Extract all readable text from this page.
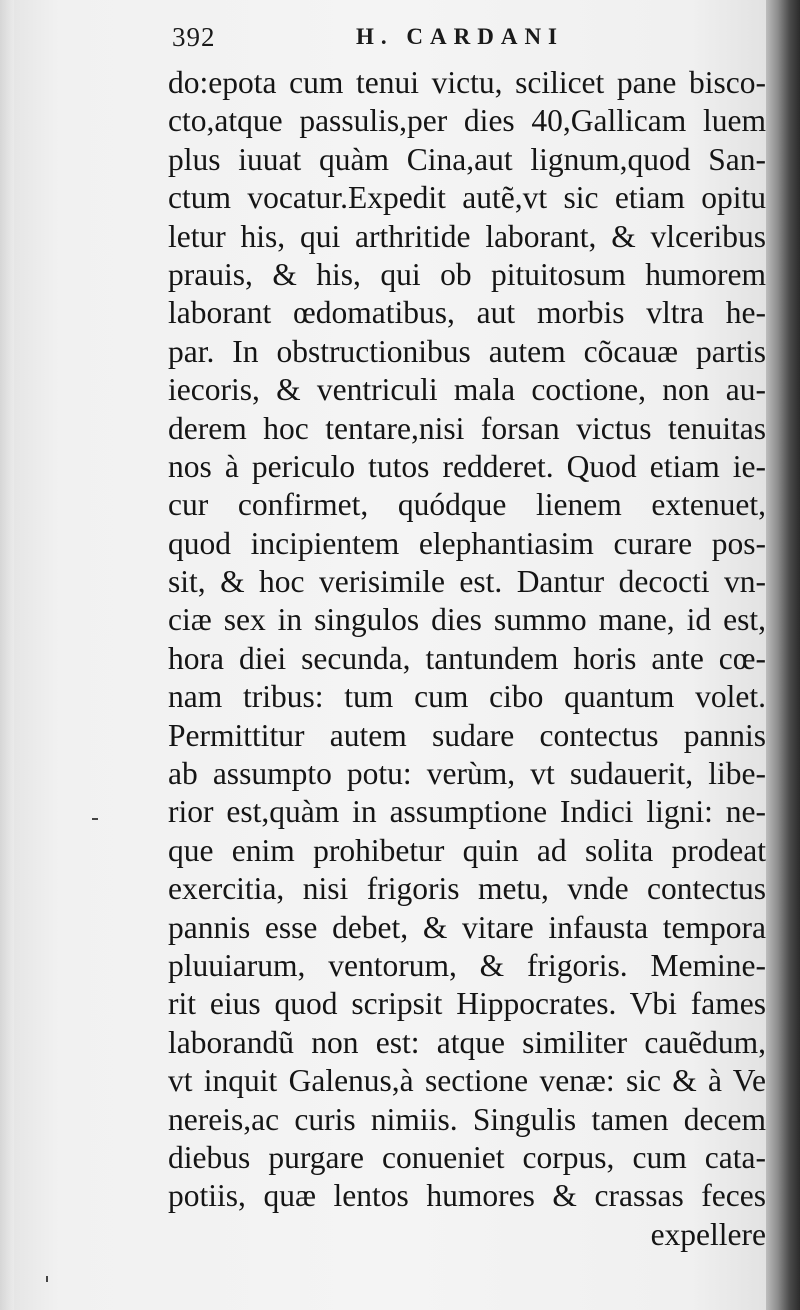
392	H. CARDANI
do:epota cum tenui victu, scilicet pane bisco-
cto,atque passulis,per dies 40,Gallicam luem
plus iuuat quàm Cina,aut lignum,quod San-
ctum vocatur.Expedit autẽ,vt sic etiam opitu
letur his, qui arthritide laborant, & vlceribus
prauis, & his, qui ob pituitosum humorem
laborant œdomatibus, aut morbis vltra he-
par. In obstructionibus autem cõcauæ partis
iecoris, & ventriculi mala coctione, non au-
derem hoc tentare,nisi forsan victus tenuitas
nos à periculo tutos redderet. Quod etiam ie-
cur confirmet, quódque lienem extenuet,
quod incipientem elephantiasim curare pos-
sit, & hoc verisimile est. Dantur decocti vn-
ciæ sex in singulos dies summo mane, id est,
hora diei secunda, tantundem horis ante cœ-
nam tribus: tum cum cibo quantum volet.
Permittitur autem sudare contectus pannis
ab assumpto potu: verùm, vt sudauerit, libe-
rior est,quàm in assumptione Indici ligni: ne-
que enim prohibetur quin ad solita prodeat
exercitia, nisi frigoris metu, vnde contectus
pannis esse debet, & vitare infausta tempora
pluuiarum, ventorum, & frigoris. Memine-
rit eius quod scripsit Hippocrates. Vbi fames
laborandũ non est: atque similiter cauẽdum,
vt inquit Galenus,à sectione venæ: sic & à Ve
nereis,ac curis nimiis. Singulis tamen decem
diebus purgare conueniet corpus, cum cata-
potiis, quæ lentos humores & crassas feces
expellere
